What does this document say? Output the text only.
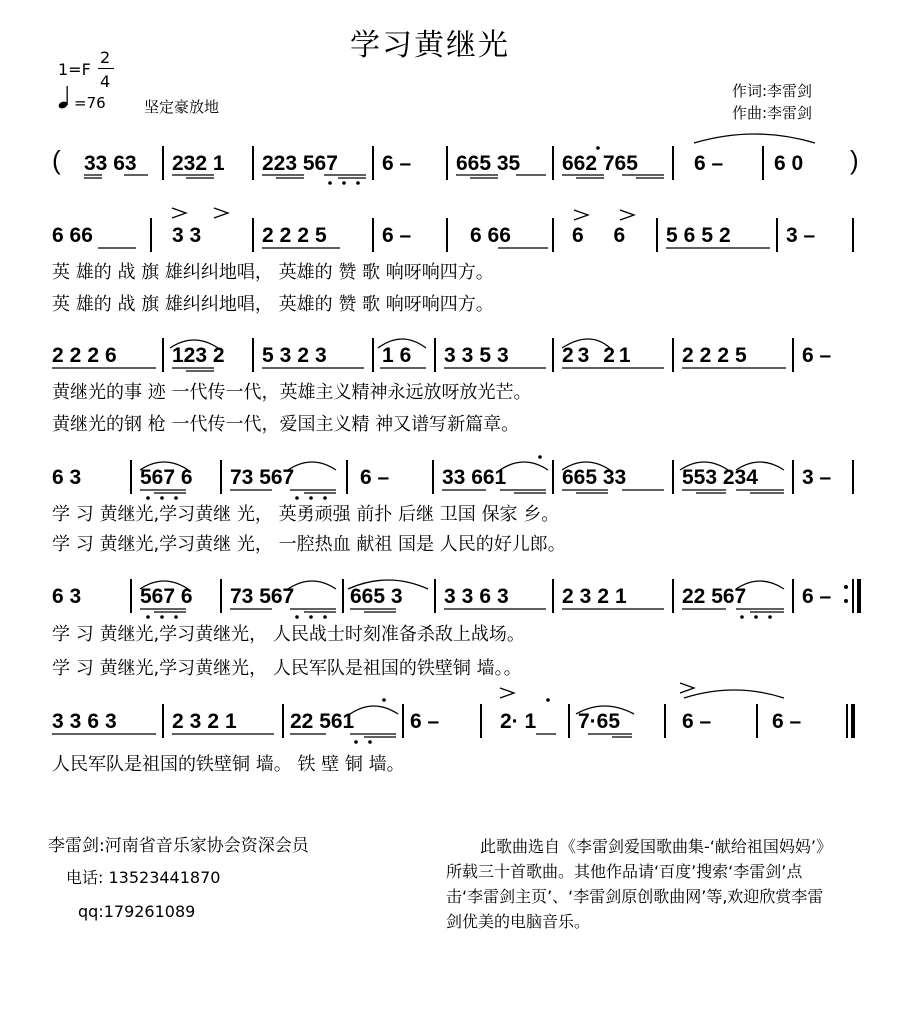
学习黄继光
1=F
2
4
=76	坚定豪放地
作词:李雷剑
作曲:李雷剑
( 33 63 232 1 223 567 6 – 665 35 662 765	6 – 6 0 )
6 66	3 3	2225 6 –	6 66	6 6 5652 3 –
英 雄的 战 旗 雄纠纠地唱， 英雄的 赞 歌 响呀响四方。
英 雄的 战 旗 雄纠纠地唱， 英雄的 赞 歌 响呀响四方。
2226 123 2 5323 16 3353 23 21 2225 6 –
黄继光的事 迹 一代传一代，英雄主义精神永远放呀放光芒。
黄继光的钢 枪 一代传一代，爱国主义精 神又谱写新篇章。
6 3	567 6 73 567	6 –	33 661	665 33	553 234 3 –
学 习 黄继光,学习黄继 光， 英勇顽强 前扑 后继 卫国 保家 乡。
学 习 黄继光,学习黄继 光， 一腔热血 献祖 国是 人民的好儿郎。
6 3	567 6 73 567	665 3 3363 2321 22 567	6 –
学 习 黄继光,学习黄继光， 人民战士时刻准备杀敌上战场。
学 习 黄继光,学习黄继光， 人民军队是祖国的铁壁铜 墙。。
3363 2321 22 561	6 –	2· 1 7·65	6 –	6 –
人民军队是祖国的铁壁铜 墙。 铁 壁 铜 墙。
李雷剑:河南省音乐家协会资深会员
电话: 13523441870
qq:179261089
此歌曲选自《李雷剑爱国歌曲集-‘献给祖国妈妈’》所载三十首歌曲。其他作品请‘百度’搜索‘李雷剑’点击‘李雷剑主页’、‘李雷剑原创歌曲网’等,欢迎欣赏李雷剑优美的电脑音乐。
